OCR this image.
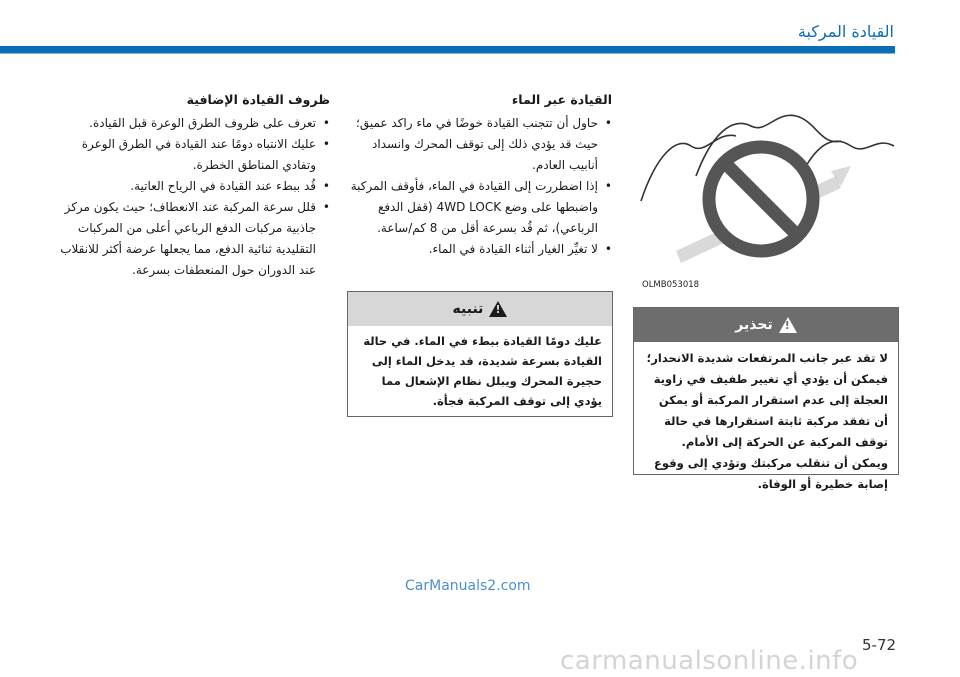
القيادة المركبة
OLMB053018
!
تحذير
لا تقد عبر جانب المرتفعات شديدة الانحدار؛ فيمكن أن يؤدي أي تغيير طفيف في زاوية العجلة إلى عدم استقرار المركبة أو يمكن أن تفقد مركبة ثابتة استقرارها في حالة توقف المركبة عن الحركة إلى الأمام. ويمكن أن تنقلب مركبتك وتؤدي إلى وقوع إصابة خطيرة أو الوفاة.
القيادة عبر الماء
• حاول أن تتجنب القيادة خوضًا في ماء راكد عميق؛ حيث قد يؤدي ذلك إلى توقف المحرك وانسداد أنابيب العادم.
• إذا اضطررت إلى القيادة في الماء، فأوقف المركبة واضبطها على وضع 4WD LOCK (قفل الدفع الرباعي)، ثم قُد بسرعة أقل من 8 كم/ساعة.
• لا تغيِّر الغيار أثناء القيادة في الماء.
!
تنبيه
عليك دومًا القيادة ببطء في الماء. في حالة القيادة بسرعة شديدة، قد يدخل الماء إلى حجيرة المحرك ويبلل نظام الإشعال مما يؤدي إلى توقف المركبة فجأة.
ظروف القيادة الإضافية
• تعرف على ظروف الطرق الوعرة قبل القيادة.
• عليك الانتباه دومًا عند القيادة في الطرق الوعرة وتفادي المناطق الخطرة.
• قُد ببطء عند القيادة في الرياح العاتية.
• قلل سرعة المركبة عند الانعطاف؛ حيث يكون مركز جاذبية مركبات الدفع الرباعي أعلى من المركبات التقليدية ثنائية الدفع، مما يجعلها عرضة أكثر للانقلاب عند الدوران حول المنعطفات بسرعة.
CarManuals2.com
5-72
carmanualsonline.info
